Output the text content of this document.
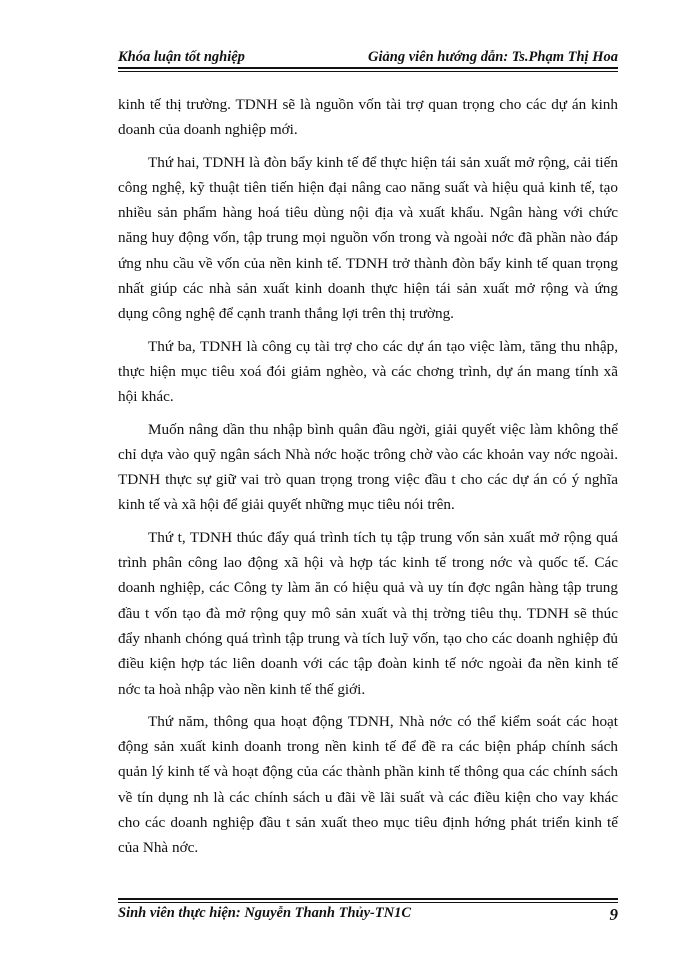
Khóa luận tốt nghiệp	Giảng viên hướng dẫn: Ts.Phạm Thị Hoa

kinh tế thị trường. TDNH sẽ là nguồn vốn tài trợ quan trọng cho các dự án kinh doanh của doanh nghiệp mới.

Thứ hai, TDNH là đòn bẩy kinh tế để thực hiện tái sản xuất mở rộng, cải tiến công nghệ, kỹ thuật tiên tiến hiện đại nâng cao năng suất và hiệu quả kinh tế, tạo nhiều sản phẩm hàng hoá tiêu dùng nội địa và xuất khẩu. Ngân hàng với chức năng huy động vốn, tập trung mọi nguồn vốn trong và ngoài nớc đã phần nào đáp ứng nhu cầu về vốn của nền kinh tế. TDNH trở thành đòn bẩy kinh tế quan trọng nhất giúp các nhà sản xuất kinh doanh thực hiện tái sản xuất mở rộng và ứng dụng công nghệ để cạnh tranh thắng lợi trên thị trường.

Thứ ba, TDNH là công cụ tài trợ cho các dự án tạo việc làm, tăng thu nhập, thực hiện mục tiêu xoá đói giảm nghèo, và các chơng trình, dự án mang tính xã hội khác.

Muốn nâng dần thu nhập bình quân đầu ngời, giải quyết việc làm không thể chỉ dựa vào quỹ ngân sách Nhà nớc hoặc trông chờ vào các khoản vay nớc ngoài. TDNH thực sự giữ vai trò quan trọng trong việc đầu t cho các dự án có ý nghĩa kinh tế và xã hội để giải quyết những mục tiêu nói trên.

Thứ t, TDNH thúc đẩy quá trình tích tụ tập trung vốn sản xuất mở rộng quá trình phân công lao động xã hội và hợp tác kinh tế trong nớc và quốc tế. Các doanh nghiệp, các Công ty làm ăn có hiệu quả và uy tín đợc ngân hàng tập trung đầu t vốn tạo đà mở rộng quy mô sản xuất và thị trờng tiêu thụ. TDNH sẽ thúc đẩy nhanh chóng quá trình tập trung và tích luỹ vốn, tạo cho các doanh nghiệp đủ điều kiện hợp tác liên doanh với các tập đoàn kinh tế nớc ngoài đa nền kinh tế nớc ta hoà nhập vào nền kinh tế thế giới.

Thứ năm, thông qua hoạt động TDNH, Nhà nớc có thể kiểm soát các hoạt động sản xuất kinh doanh trong nền kinh tế để đề ra các biện pháp chính sách quản lý kinh tế và hoạt động của các thành phần kinh tế thông qua các chính sách về tín dụng nh là các chính sách u đãi về lãi suất và các điều kiện cho vay khác cho các doanh nghiệp đầu t sản xuất theo mục tiêu định hớng phát triển kinh tế của Nhà nớc.

Sinh viên thực hiện: Nguyễn Thanh Thủy-TN1C	9
